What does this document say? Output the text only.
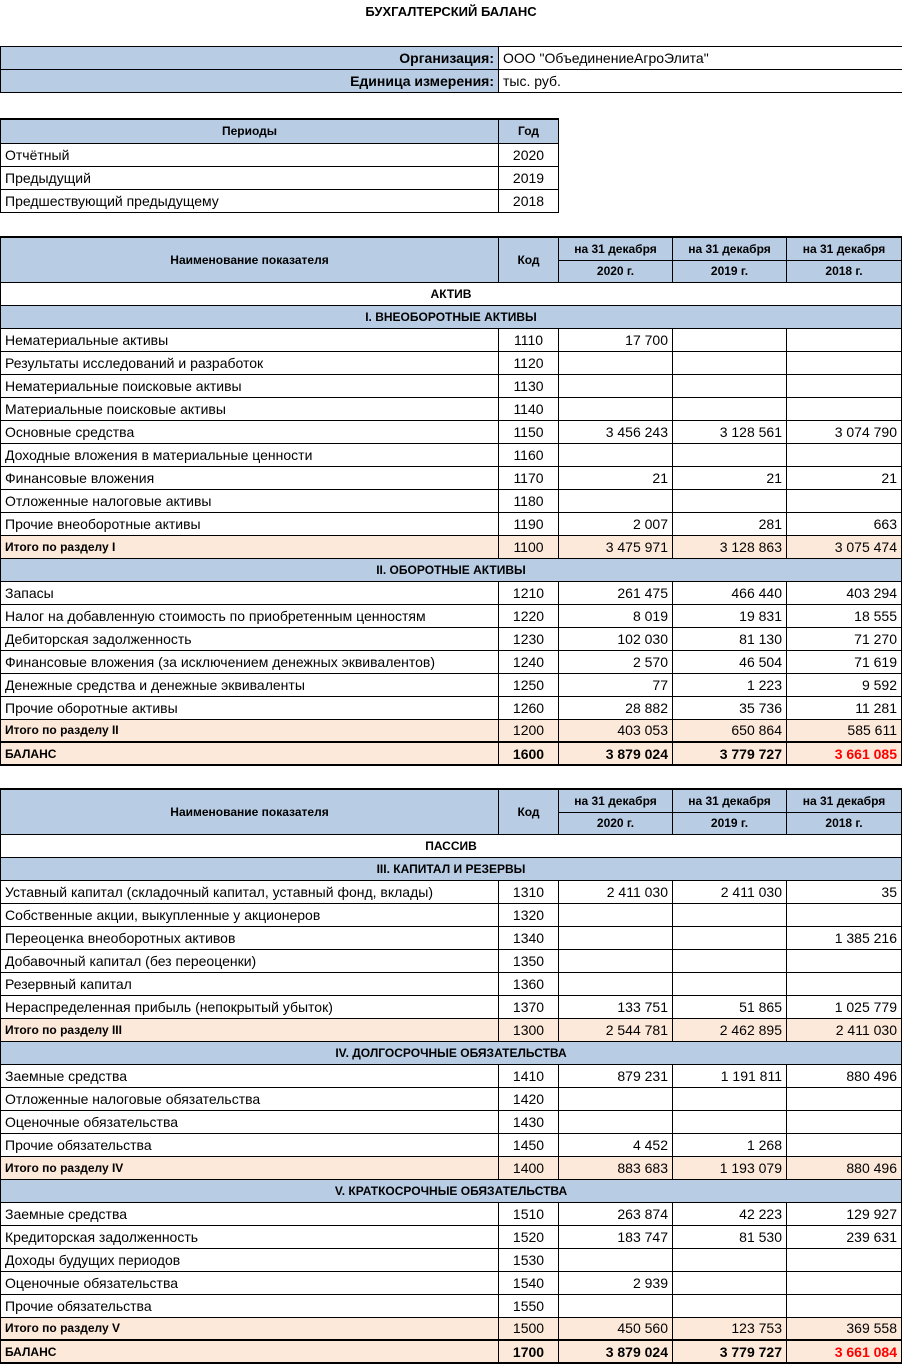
БУХГАЛТЕРСКИЙ БАЛАНС
Организация:	ООО "ОбъединениеАгроЭлита"
Единица измерения:	тыс. руб.
Периоды	Год
Отчётный	2020
Предыдущий	2019
Предшествующий предыдущему	2018
Наименование показателя	Код	на 31 декабря	на 31 декабря	на 31 декабря
		2020 г.	2019 г.	2018 г.
АКТИВ				
I. ВНЕОБОРОТНЫЕ АКТИВЫ				
Нематериальные активы	1110	17 700		
Результаты исследований и разработок	1120			
Нематериальные поисковые активы	1130			
Материальные поисковые активы	1140			
Основные средства	1150	3 456 243	3 128 561	3 074 790
Доходные вложения в материальные ценности	1160			
Финансовые вложения	1170	21	21	21
Отложенные налоговые активы	1180			
Прочие внеоборотные активы	1190	2 007	281	663
Итого по разделу I	1100	3 475 971	3 128 863	3 075 474
II. ОБОРОТНЫЕ АКТИВЫ				
Запасы	1210	261 475	466 440	403 294
Налог на добавленную стоимость по приобретенным ценностям	1220	8 019	19 831	18 555
Дебиторская задолженность	1230	102 030	81 130	71 270
Финансовые вложения (за исключением денежных эквивалентов)	1240	2 570	46 504	71 619
Денежные средства и денежные эквиваленты	1250	77	1 223	9 592
Прочие оборотные активы	1260	28 882	35 736	11 281
Итого по разделу II	1200	403 053	650 864	585 611
БАЛАНС	1600	3 879 024	3 779 727	3 661 085
Наименование показателя	Код	на 31 декабря	на 31 декабря	на 31 декабря
		2020 г.	2019 г.	2018 г.
ПАССИВ				
III. КАПИТАЛ И РЕЗЕРВЫ				
Уставный капитал (складочный капитал, уставный фонд, вклады)	1310	2 411 030	2 411 030	35
Собственные акции, выкупленные у акционеров	1320			
Переоценка внеоборотных активов	1340			1 385 216
Добавочный капитал (без переоценки)	1350			
Резервный капитал	1360			
Нераспределенная прибыль (непокрытый убыток)	1370	133 751	51 865	1 025 779
Итого по разделу III	1300	2 544 781	2 462 895	2 411 030
IV. ДОЛГОСРОЧНЫЕ ОБЯЗАТЕЛЬСТВА				
Заемные средства	1410	879 231	1 191 811	880 496
Отложенные налоговые обязательства	1420			
Оценочные обязательства	1430			
Прочие обязательства	1450	4 452	1 268	
Итого по разделу IV	1400	883 683	1 193 079	880 496
V. КРАТКОСРОЧНЫЕ ОБЯЗАТЕЛЬСТВА				
Заемные средства	1510	263 874	42 223	129 927
Кредиторская задолженность	1520	183 747	81 530	239 631
Доходы будущих периодов	1530			
Оценочные обязательства	1540	2 939		
Прочие обязательства	1550			
Итого по разделу V	1500	450 560	123 753	369 558
БАЛАНС	1700	3 879 024	3 779 727	3 661 084
